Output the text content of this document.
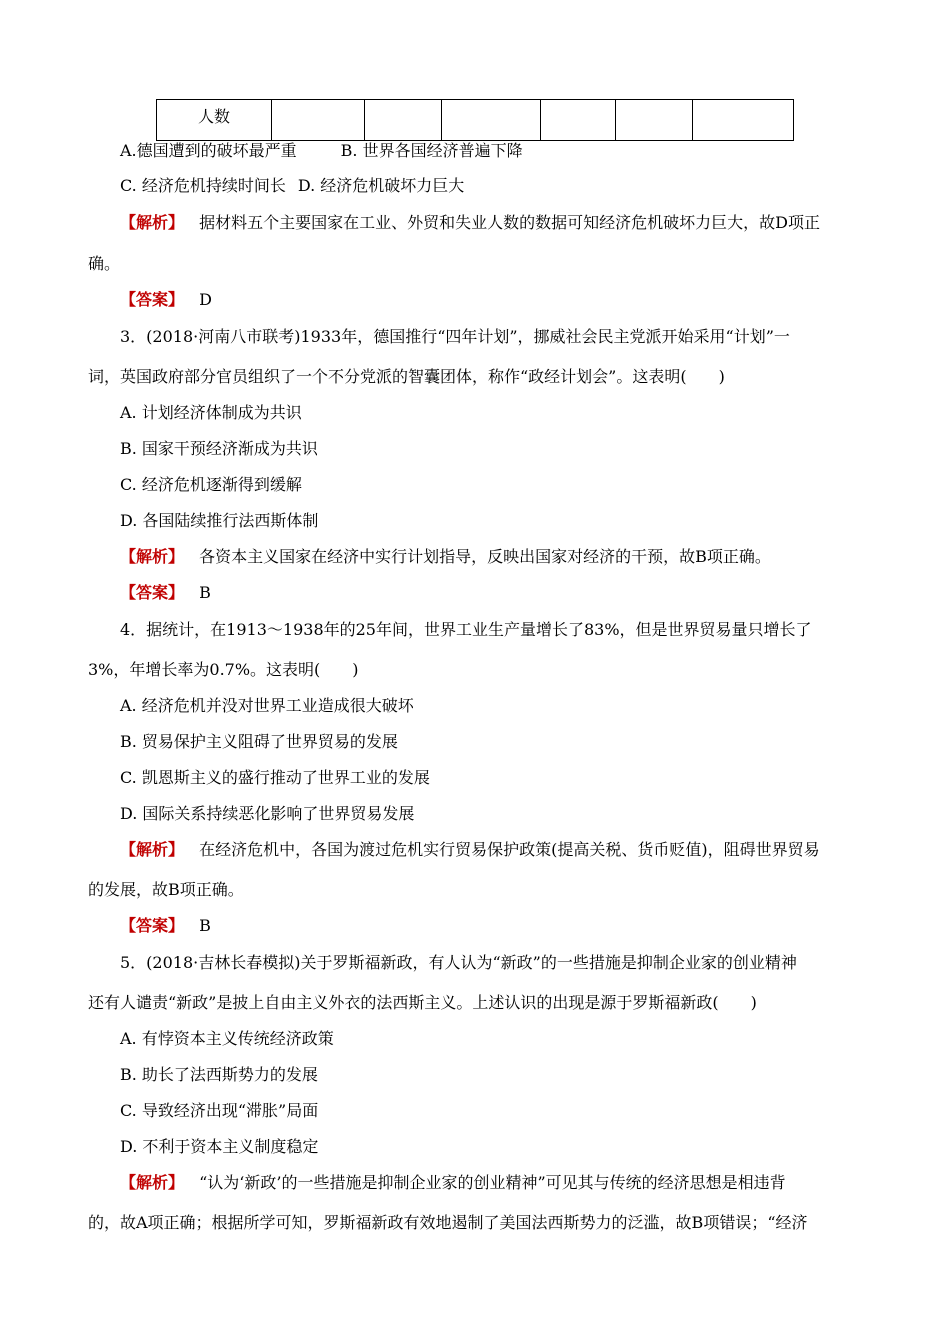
人数						
A.德国遭到的破坏最严重	B. 世界各国经济普遍下降
C. 经济危机持续时间长 D. 经济危机破坏力巨大
【解析】 据材料五个主要国家在工业、外贸和失业人数的数据可知经济危机破坏力巨大，故D项正
确。
【答案】 D
3．(2018·河南八市联考)1933年，德国推行“四年计划”，挪威社会民主党派开始采用“计划”一
词，英国政府部分官员组织了一个不分党派的智囊团体，称作“政经计划会”。这表明(　　)
A. 计划经济体制成为共识
B. 国家干预经济渐成为共识
C. 经济危机逐渐得到缓解
D. 各国陆续推行法西斯体制
【解析】 各资本主义国家在经济中实行计划指导，反映出国家对经济的干预，故B项正确。
【答案】 B
4．据统计，在1913～1938年的25年间，世界工业生产量增长了83%，但是世界贸易量只增长了
3%，年增长率为0.7%。这表明(　　)
A. 经济危机并没对世界工业造成很大破坏
B. 贸易保护主义阻碍了世界贸易的发展
C. 凯恩斯主义的盛行推动了世界工业的发展
D. 国际关系持续恶化影响了世界贸易发展
【解析】 在经济危机中，各国为渡过危机实行贸易保护政策(提高关税、货币贬值)，阻碍世界贸易
的发展，故B项正确。
【答案】 B
5．(2018·吉林长春模拟)关于罗斯福新政，有人认为“新政”的一些措施是抑制企业家的创业精神
还有人谴责“新政”是披上自由主义外衣的法西斯主义。上述认识的出现是源于罗斯福新政(　　)
A. 有悖资本主义传统经济政策
B. 助长了法西斯势力的发展
C. 导致经济出现“滞胀”局面
D. 不利于资本主义制度稳定
【解析】 “认为‘新政’的一些措施是抑制企业家的创业精神”可见其与传统的经济思想是相违背
的，故A项正确；根据所学可知，罗斯福新政有效地遏制了美国法西斯势力的泛滥，故B项错误；“经济
